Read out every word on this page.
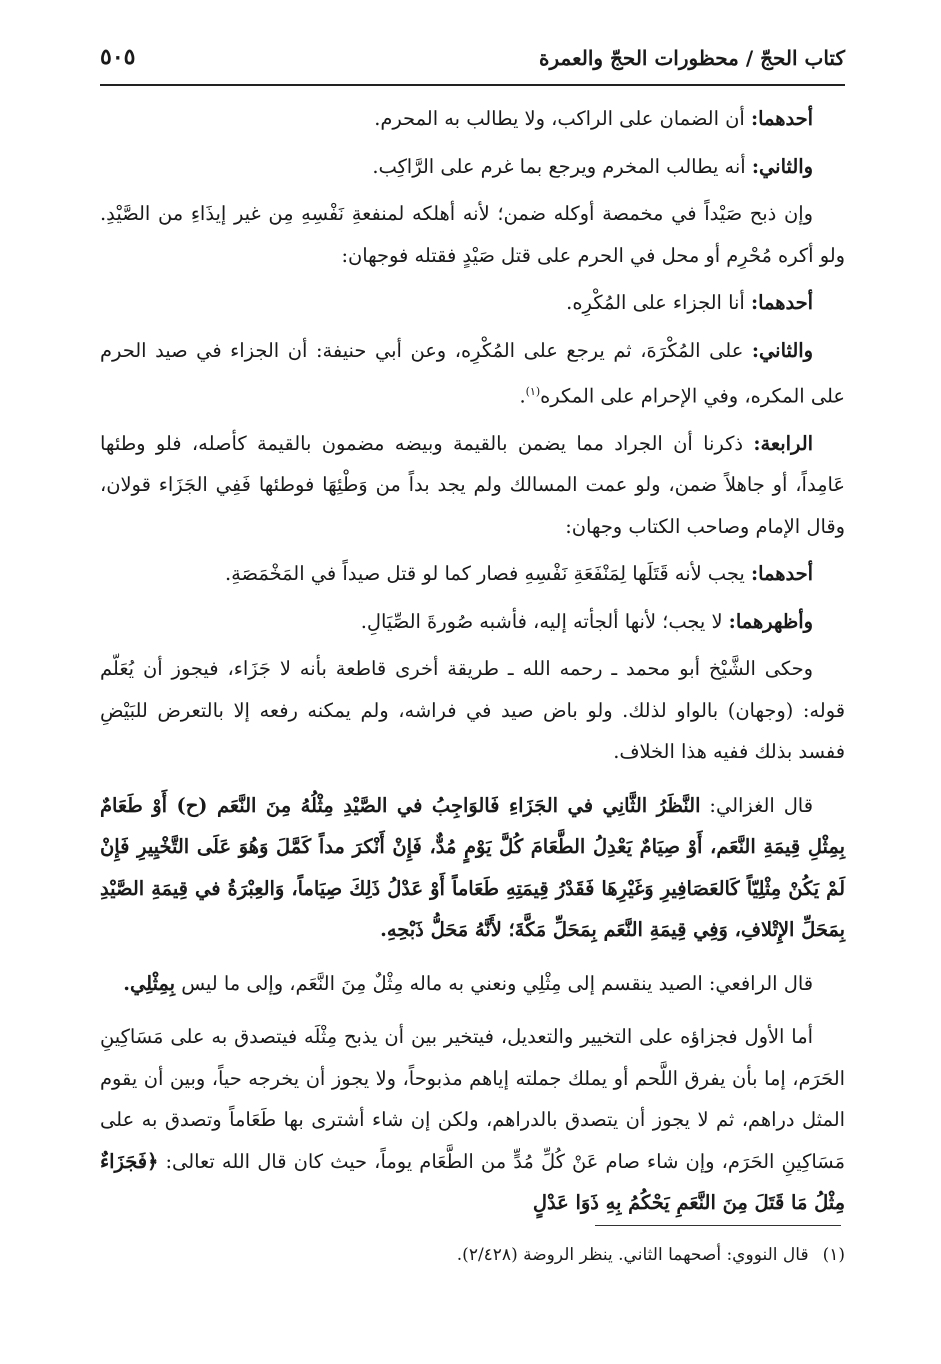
كتاب الحجّ / محظورات الحجّ والعمرة
٥٠٥

أحدهما: أن الضمان على الراكب، ولا يطالب به المحرم.

والثاني: أنه يطالب المخرم ويرجع بما غرم على الرَّاكِب.

وإن ذبح صَيْداً في مخمصة أوكله ضمن؛ لأنه أهلكه لمنفعةِ نَفْسِهِ مِن غير إيذَاءِ من الصَّيْدِ. ولو أكره مُحْرِم أو محل في الحرم على قتل صَيْدٍ فقتله فوجهان:

أحدهما: أنا الجزاء على المُكْرِه.

والثاني: على المُكْرَهَ، ثم يرجع على المُكْرِه، وعن أبي حنيفة: أن الجزاء في صيد الحرم على المكره، وفي الإحرام على المكره$^{(١)}$.

الرابعة: ذكرنا أن الجراد مما يضمن بالقيمة وبيضه مضمون بالقيمة كأصله، فلو وطئها عَامِداً، أو جاهلاً ضمن، ولو عمت المسالك ولم يجد بداً من وَطْئِهَا فوطئها فَفِي الجَزَاء قولان، وقال الإمام وصاحب الكتاب وجهان:

أحدهما: يجب لأنه قَتَلَها لِمَنْفَعَةِ نَفْسِهِ فصار كما لو قتل صيداً في المَخْمَصَةِ.

وأظهرهما: لا يجب؛ لأنها ألجأته إليه، فأشبه صُورةَ الصِّيَالِ.

وحكى الشَّيْخ أبو محمد ـ رحمه الله ـ طريقة أخرى قاطعة بأنه لا جَزَاء، فيجوز أن يُعَلّم قوله: (وجهان) بالواو لذلك. ولو باض صيد في فراشه، ولم يمكنه رفعه إلا بالتعرض للبَيْضِ ففسد بذلك ففيه هذا الخلاف.

قال الغزالي: النَّظَرُ الثَّانِي في الجَزَاءِ فَالوَاجِبُ في الصَّيْدِ مِثْلُهُ مِنَ النَّعَم (ح) أَوْ طَعَامٌ بِمِثْلِ قِيمَةِ النَّعَم، أَوْ صِيَامٌ يَعْدِلُ الطَّعَامَ كُلَّ يَوْمٍ مُدٌّ، فَإِنْ أَنْكرَ مداً كَمَّلَ وَهُوَ عَلَى التَّخْيِيرِ فَإِنْ لَمْ يَكُنْ مِثْلِيّاً كَالعَصَافِيرِ وَغَيْرِهَا فَقَدْرُ قِيمَتِهِ طَعَاماً أَوْ عَدْلُ ذَلِكَ صِيَاماً، وَالعِبْرَةُ في قِيمَةِ الصَّيْدِ بِمَحَلِّ الإِتْلافِ، وَفِي قِيمَةِ النَّعَم بِمَحَلِّ مَكَّةَ؛ لأَنَّهُ مَحَلُّ ذَبْحِهِ.

قال الرافعي: الصيد ينقسم إلى مِثْلِي ونعني به ماله مِثْلٌ مِنَ النَّعَم، وإلى ما ليس بِمِثْلِي.

أما الأول فجزاؤه على التخيير والتعديل، فيتخير بين أن يذبح مِثْلَه فيتصدق به على مَسَاكِينِ الحَرَم، إما بأن يفرق اللَّحم أو يملك جملته إياهم مذبوحاً، ولا يجوز أن يخرجه حياً، وبين أن يقوم المثل دراهم، ثم لا يجوز أن يتصدق بالدراهم، ولكن إن شاء أشترى بها طَعَاماً وتصدق به على مَسَاكِينِ الحَرَم، وإن شاء صام عَنْ كُلِّ مُدٍّ من الطَّعَام يوماً، حيث كان قال الله تعالى: ﴿فَجَزَاءٌ مِثْلُ مَا قَتَلَ مِنَ النَّعَمِ يَحْكُمُ بِهِ ذَوَا عَدْلٍ

(١)قال النووي: أصحهما الثاني. ينظر الروضة (٢/٤٢٨).
